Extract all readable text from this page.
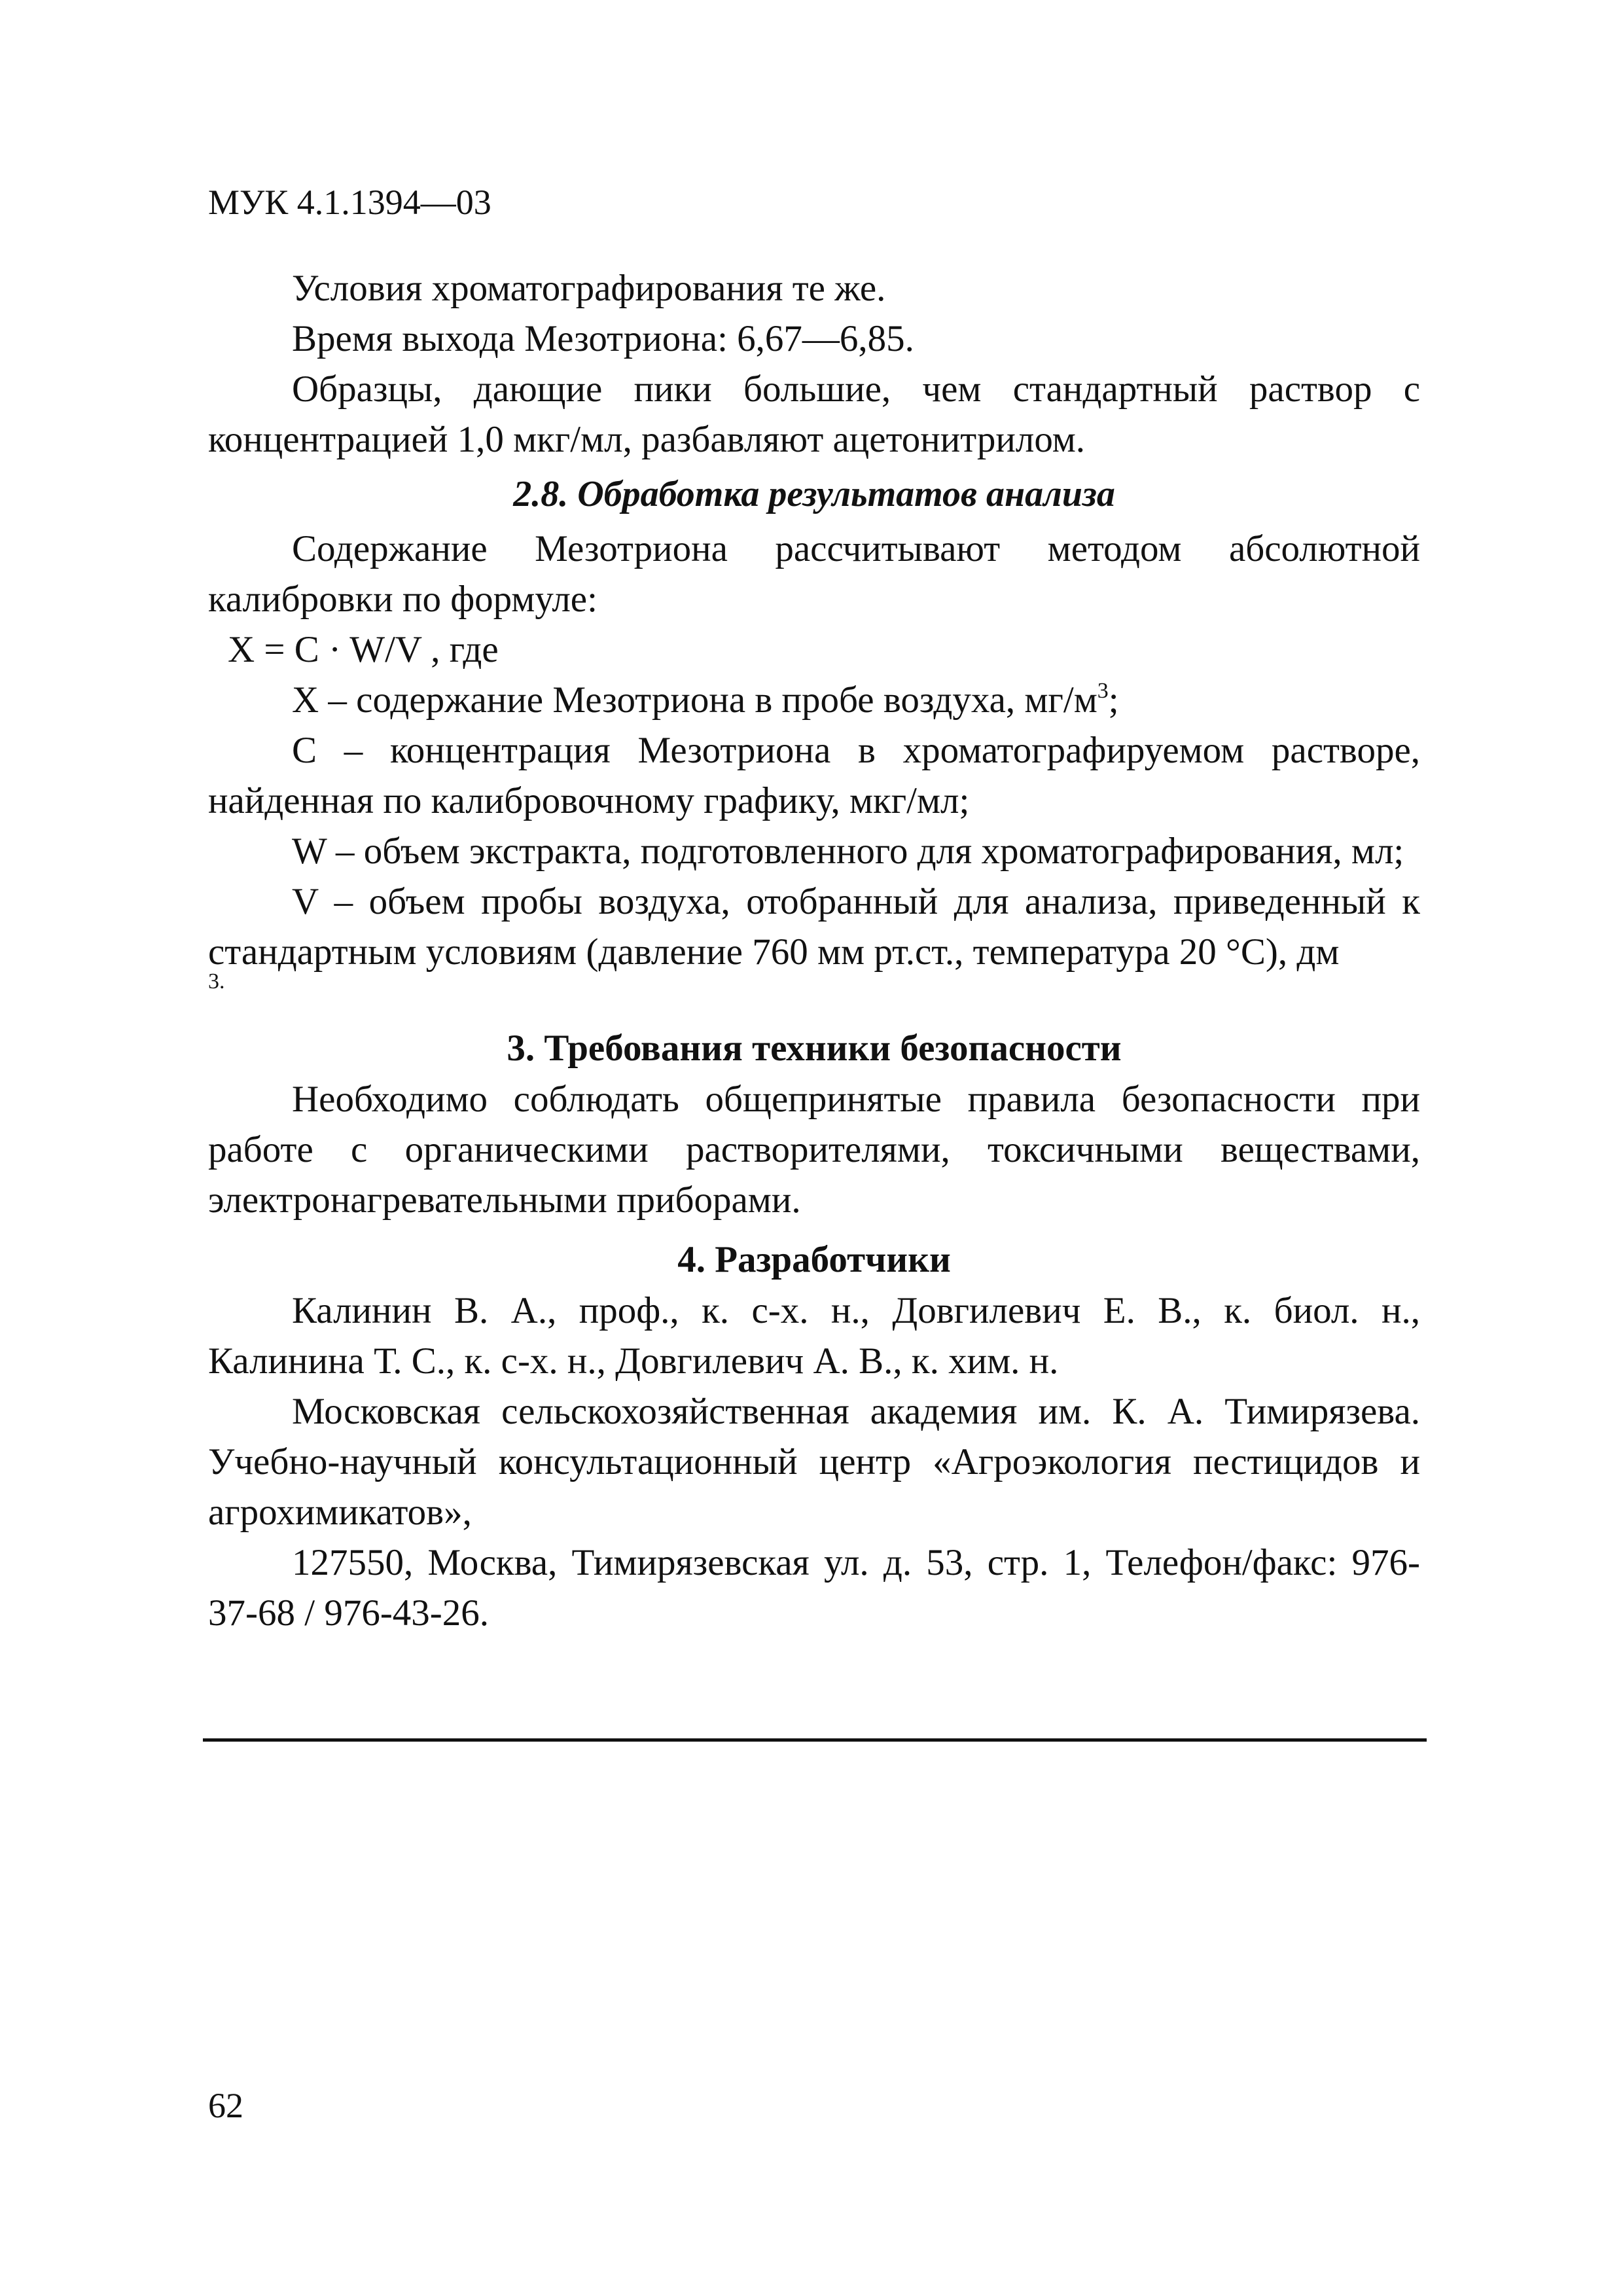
МУК 4.1.1394—03

Условия хроматографирования те же.

Время выхода Мезотриона: 6,67—6,85.

Образцы, дающие пики большие, чем стандартный раствор с концентрацией 1,0 мкг/мл, разбавляют ацетонитрилом.

2.8. Обработка результатов анализа

Содержание Мезотриона рассчитывают методом абсолютной калибровки по формуле:

X = C · W/V , где

X – содержание Мезотриона в пробе воздуха, $мг/м^3$;

C – концентрация Мезотриона в хроматографируемом растворе, найденная по калибровочному графику, мкг/мл;

W – объем экстракта, подготовленного для хроматографирования, мл;

V – объем пробы воздуха, отобранный для анализа, приведенный к стандартным условиям (давление 760 мм рт.ст., температура 20 °С), дм

3.
3. Требования техники безопасности

Необходимо соблюдать общепринятые правила безопасности при работе с органическими растворителями, токсичными веществами, электронагревательными приборами.

4. Разработчики

Калинин В. А., проф., к. с-х. н., Довгилевич Е. В., к. биол. н., Калинина Т. С., к. с-х. н., Довгилевич А. В., к. хим. н.

Московская сельскохозяйственная академия им. К. А. Тимирязева. Учебно-научный консультационный центр «Агроэкология пестицидов и агрохимикатов»,

127550, Москва, Тимирязевская ул. д. 53, стр. 1, Телефон/факс: 976-37-68 / 976-43-26.

62
